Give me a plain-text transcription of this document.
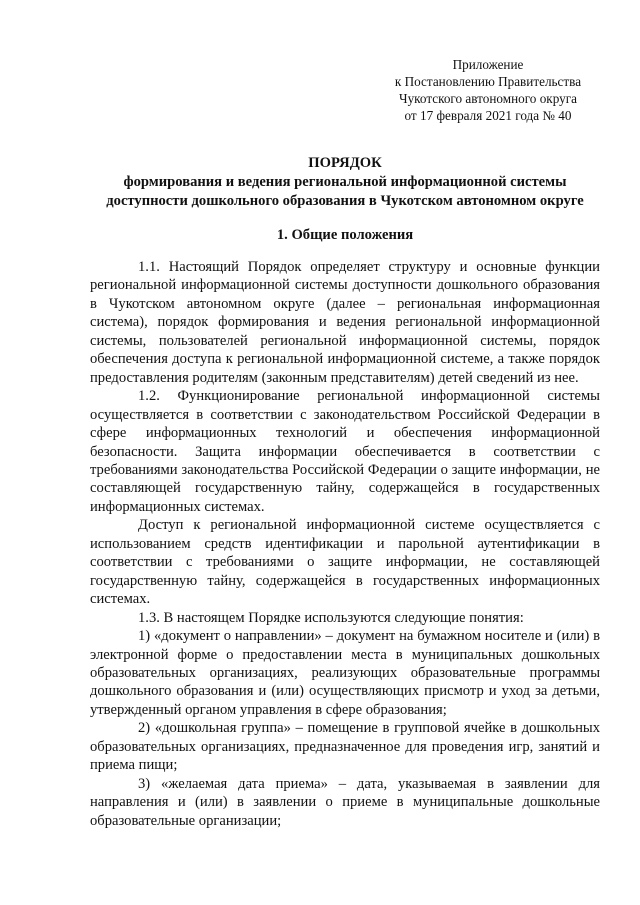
Приложение
к Постановлению Правительства
Чукотского автономного округа
от 17 февраля 2021 года № 40
ПОРЯДОК
формирования и ведения региональной информационной системы
доступности дошкольного образования в Чукотском автономном округе
1. Общие положения

1.1. Настоящий Порядок определяет структуру и основные функции региональной информационной системы доступности дошкольного образования в Чукотском автономном округе (далее – региональная информационная система), порядок формирования и ведения региональной информационной системы, пользователей региональной информационной системы, порядок обеспечения доступа к региональной информационной системе, а также порядок предоставления родителям (законным представителям) детей сведений из нее.

1.2. Функционирование региональной информационной системы осуществляется в соответствии с законодательством Российской Федерации в сфере информационных технологий и обеспечения информационной безопасности. Защита информации обеспечивается в соответствии с требованиями законодательства Российской Федерации о защите информации, не составляющей государственную тайну, содержащейся в государственных информационных системах.

Доступ к региональной информационной системе осуществляется с использованием средств идентификации и парольной аутентификации в соответствии с требованиями о защите информации, не составляющей государственную тайну, содержащейся в государственных информационных системах.

1.3. В настоящем Порядке используются следующие понятия:

1) «документ о направлении» – документ на бумажном носителе и (или) в электронной форме о предоставлении места в муниципальных дошкольных образовательных организациях, реализующих образовательные программы дошкольного образования и (или) осуществляющих присмотр и уход за детьми, утвержденный органом управления в сфере образования;

2) «дошкольная группа» – помещение в групповой ячейке в дошкольных образовательных организациях, предназначенное для проведения игр, занятий и приема пищи;

3) «желаемая дата приема» – дата, указываемая в заявлении для направления и (или) в заявлении о приеме в муниципальные дошкольные образовательные организации;
